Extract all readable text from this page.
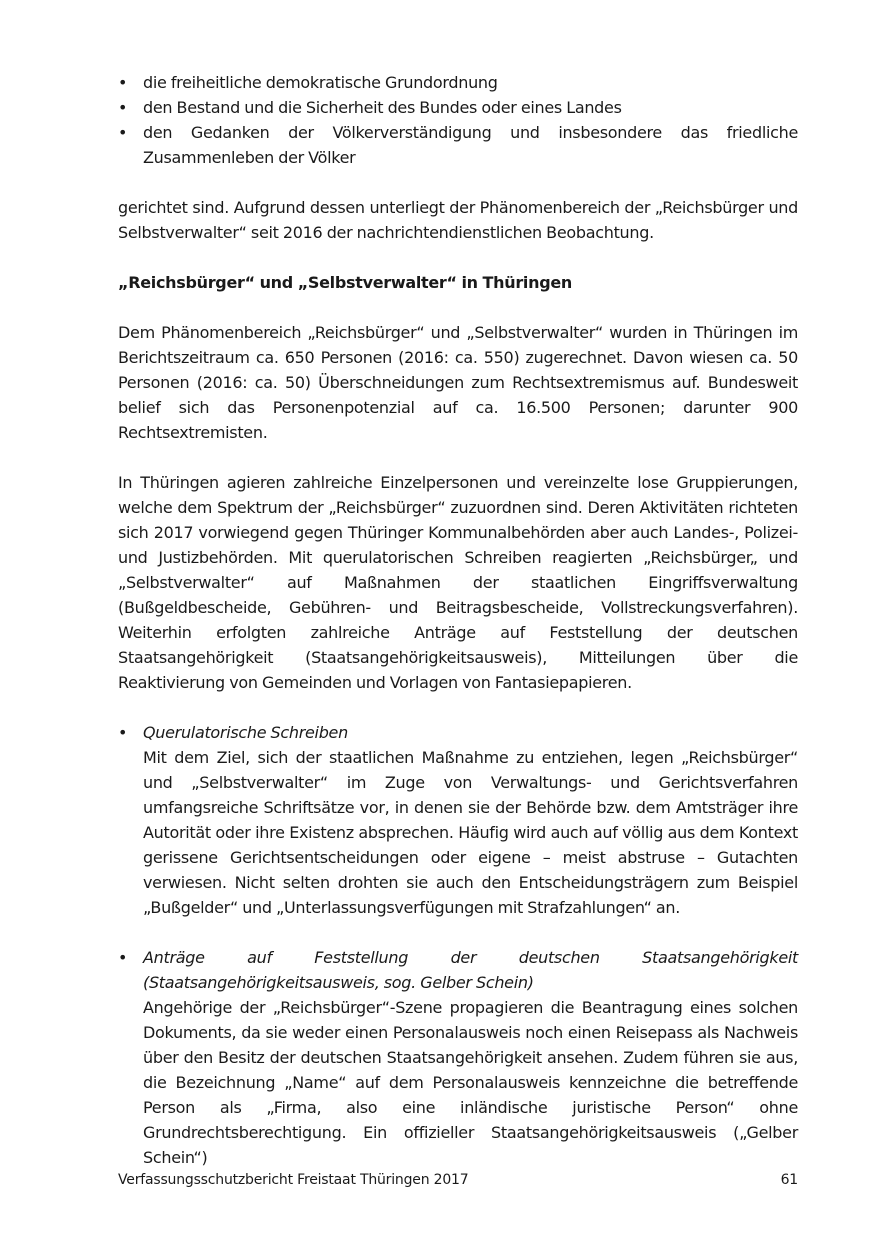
• die freiheitliche demokratische Grundordnung
• den Bestand und die Sicherheit des Bundes oder eines Landes
• den Gedanken der Völkerverständigung und insbesondere das friedliche Zusammenleben der Völker

gerichtet sind. Aufgrund dessen unterliegt der Phänomenbereich der „Reichsbürger und Selbstverwalter“ seit 2016 der nachrichtendienstlichen Beobachtung.

„Reichsbürger“ und „Selbstverwalter“ in Thüringen

Dem Phänomenbereich „Reichsbürger“ und „Selbstverwalter“ wurden in Thüringen im Berichtszeitraum ca. 650 Personen (2016: ca. 550) zugerechnet. Davon wiesen ca. 50 Personen (2016: ca. 50) Überschneidungen zum Rechtsextremismus auf. Bundesweit belief sich das Personenpotenzial auf ca. 16.500 Personen; darunter 900 Rechtsextremisten.

In Thüringen agieren zahlreiche Einzelpersonen und vereinzelte lose Gruppierungen, welche dem Spektrum der „Reichsbürger“ zuzuordnen sind. Deren Aktivitäten richteten sich 2017 vorwiegend gegen Thüringer Kommunalbehörden aber auch Landes-, Polizei- und Justizbehörden. Mit querulatorischen Schreiben reagierten „Reichsbürger„ und „Selbstverwalter“ auf Maßnahmen der staatlichen Eingriffsverwaltung (Bußgeldbescheide, Gebühren- und Beitragsbescheide, Vollstreckungsverfahren). Weiterhin erfolgten zahlreiche Anträge auf Feststellung der deutschen Staatsangehörigkeit (Staatsangehörigkeitsausweis), Mitteilungen über die Reaktivierung von Gemeinden und Vorlagen von Fantasiepapieren.

• Querulatorische Schreiben

Mit dem Ziel, sich der staatlichen Maßnahme zu entziehen, legen „Reichsbürger“ und „Selbstverwalter“ im Zuge von Verwaltungs- und Gerichtsverfahren umfangsreiche Schriftsätze vor, in denen sie der Behörde bzw. dem Amtsträger ihre Autorität oder ihre Existenz absprechen. Häufig wird auch auf völlig aus dem Kontext gerissene Gerichtsentscheidungen oder eigene – meist abstruse – Gutachten verwiesen. Nicht selten drohten sie auch den Entscheidungsträgern zum Beispiel „Bußgelder“ und „Unterlassungsverfügungen mit Strafzahlungen“ an.

• Anträge auf Feststellung der deutschen Staatsangehörigkeit (Staatsangehörigkeitsausweis, sog. Gelber Schein)

Angehörige der „Reichsbürger“-Szene propagieren die Beantragung eines solchen Dokuments, da sie weder einen Personalausweis noch einen Reisepass als Nachweis über den Besitz der deutschen Staatsangehörigkeit ansehen. Zudem führen sie aus, die Bezeichnung „Name“ auf dem Personalausweis kennzeichne die betreffende Person als „Firma, also eine inländische juristische Person“ ohne Grundrechtsberechtigung. Ein offizieller Staatsangehörigkeitsausweis („Gelber Schein“)

Verfassungsschutzbericht Freistaat Thüringen 2017	61
